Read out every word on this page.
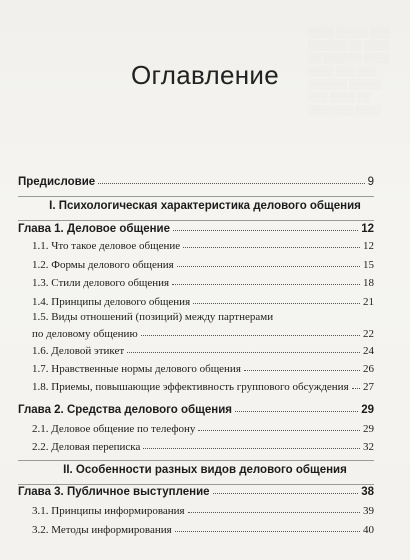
░░░░ ░░░░░ ░░░
░░░░░░ ░░ ░░░░
░░ ░░░░░░ ░░░░
░░░░ ░░░ ░░░
░░░░░░ ░░░░░
░░░ ░░░░ ░░
░░░░░░░ ░░░░
Оглавление
Предисловие	9
I. Психологическая характеристика делового общения
Глава 1. Деловое общение	12
1.1. Что такое деловое общение	12
1.2. Формы делового общения	15
1.3. Стили делового общения	18
1.4. Принципы делового общения	21
1.5. Виды отношений (позиций) между партнерами
по деловому общению	22
1.6. Деловой этикет	24
1.7. Нравственные нормы делового общения	26
1.8. Приемы, повышающие эффективность группового обсуждения 27
Глава 2. Средства делового общения	29
2.1. Деловое общение по телефону	29
2.2. Деловая переписка	32
II. Особенности разных видов делового общения
Глава 3. Публичное выступление	38
3.1. Принципы информирования	39
3.2. Методы информирования	40
